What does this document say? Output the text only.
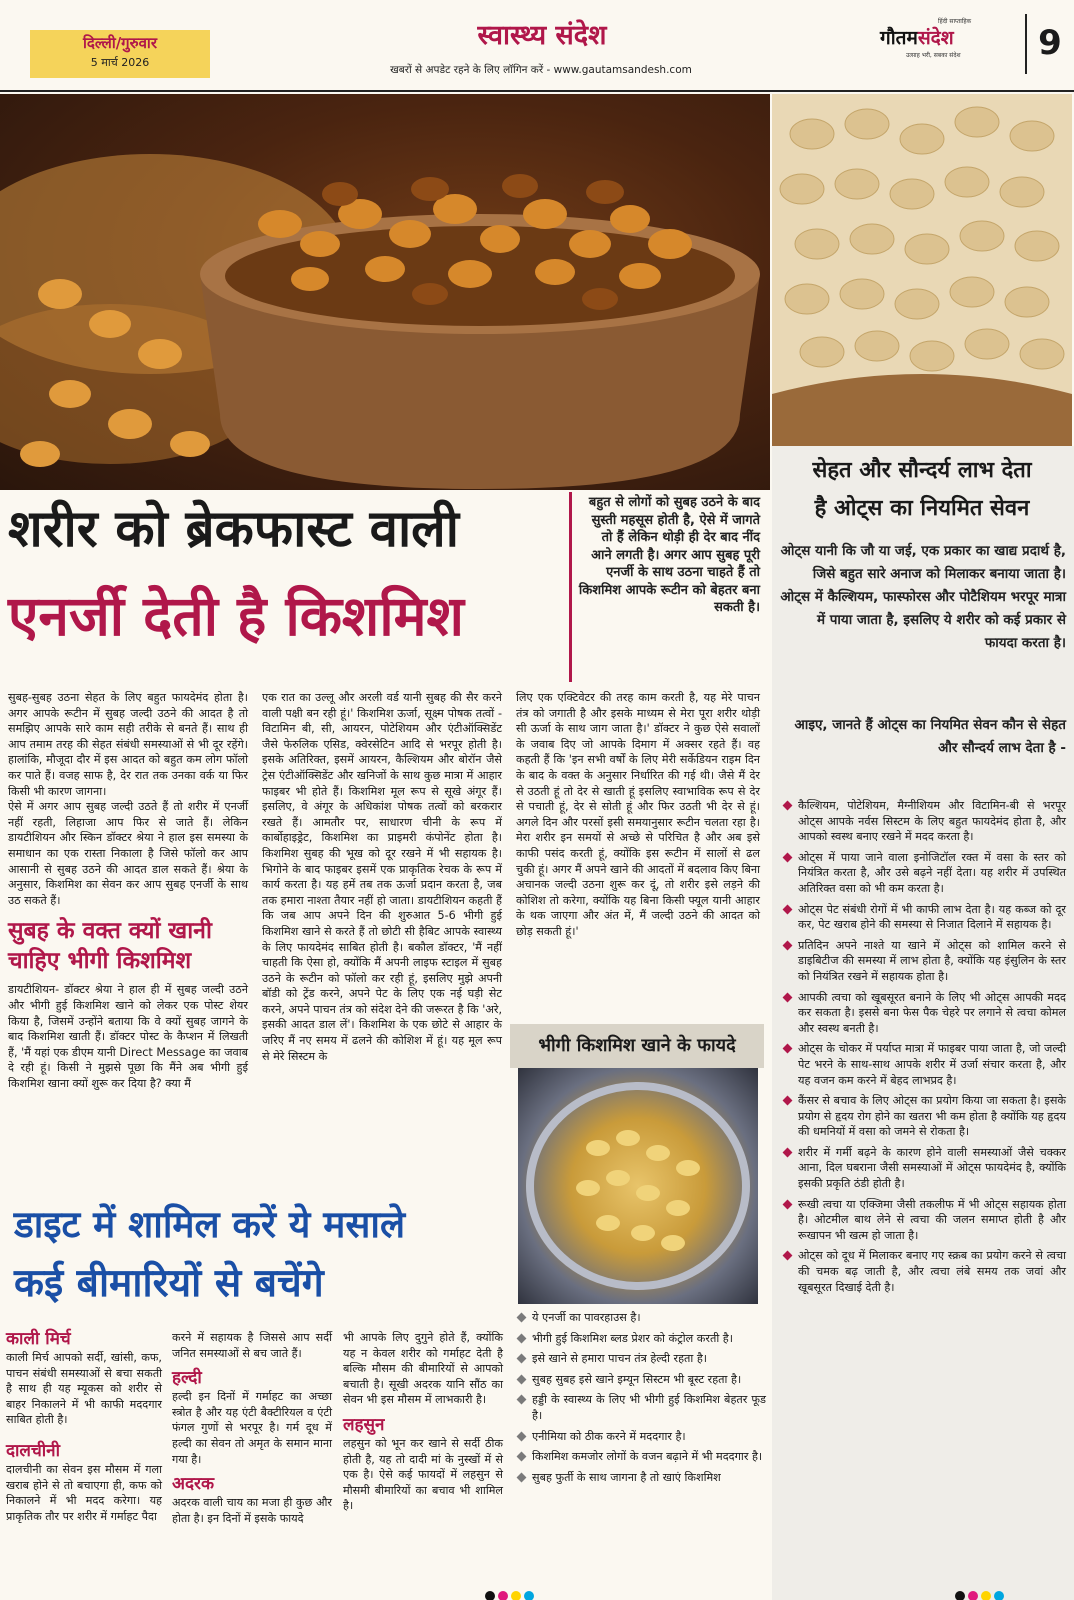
दिल्ली/गुरुवार
5 मार्च 2026
स्वास्थ्य संदेश
खबरों से अपडेट रहने के लिए लॉगिन करें - www.gautamsandesh.com
हिंदी साप्ताहिक
गौतमसंदेश
उत्साह भरी, सबका संदेश	9
शरीर को ब्रेकफास्ट वाली
एनर्जी देती है किशमिश
बहुत से लोगों को सुबह उठने के बाद सुस्ती महसूस होती है, ऐसे में जागते तो हैं लेकिन थोड़ी ही देर बाद नींद आने लगती है। अगर आप सुबह पूरी एनर्जी के साथ उठना चाहते हैं तो किशमिश आपके रूटीन को बेहतर बना सकती है।

सुबह-सुबह उठना सेहत के लिए बहुत फायदेमंद होता है। अगर आपके रूटीन में सुबह जल्दी उठने की आदत है तो समझिए आपके सारे काम सही तरीके से बनते हैं। साथ ही आप तमाम तरह की सेहत संबंधी समस्याओं से भी दूर रहेंगे। हालांकि, मौजूदा दौर में इस आदत को बहुत कम लोग फॉलो कर पाते हैं। वजह साफ है, देर रात तक उनका वर्क या फिर किसी भी कारण जागना।

ऐसे में अगर आप सुबह जल्दी उठते हैं तो शरीर में एनर्जी नहीं रहती, लिहाजा आप फिर से जाते हैं। लेकिन डायटीशियन और स्किन डॉक्टर श्रेया ने हाल इस समस्या के समाधान का एक रास्ता निकाला है जिसे फॉलो कर आप आसानी से सुबह उठने की आदत डाल सकते हैं। श्रेया के अनुसार, किशमिश का सेवन कर आप सुबह एनर्जी के साथ उठ सकते हैं।

सुबह के वक्त क्यों खानी चाहिए भीगी किशमिश

डायटीशियन- डॉक्टर श्रेया ने हाल ही में सुबह जल्दी उठने और भीगी हुई किशमिश खाने को लेकर एक पोस्ट शेयर किया है, जिसमें उन्होंने बताया कि वे क्यों सुबह जागने के बाद किशमिश खाती हैं। डॉक्टर पोस्ट के कैप्शन में लिखती हैं, 'मैं यहां एक डीएम यानी Direct Message का जवाब दे रही हूं। किसी ने मुझसे पूछा कि मैंने अब भीगी हुई किशमिश खाना क्यों शुरू कर दिया है? क्या मैं

एक रात का उल्लू और अरली वर्ड यानी सुबह की सैर करने वाली पक्षी बन रही हूं।' किशमिश ऊर्जा, सूक्ष्म पोषक तत्वों - विटामिन बी, सी, आयरन, पोटेशियम और एंटीऑक्सिडेंट जैसे फेरुलिक एसिड, क्वेरसेटिन आदि से भरपूर होती है। इसके अतिरिक्त, इसमें आयरन, कैल्शियम और बोरॉन जैसे ट्रेस एंटीऑक्सिडेंट और खनिजों के साथ कुछ मात्रा में आहार फाइबर भी होते हैं। किशमिश मूल रूप से सूखे अंगूर हैं। इसलिए, वे अंगूर के अधिकांश पोषक तत्वों को बरकरार रखते हैं। आमतौर पर, साधारण चीनी के रूप में कार्बोहाइड्रेट, किशमिश का प्राइमरी कंपोनेंट होता है। किशमिश सुबह की भूख को दूर रखने में भी सहायक है। भिगोने के बाद फाइबर इसमें एक प्राकृतिक रेचक के रूप में कार्य करता है। यह हमें तब तक ऊर्जा प्रदान करता है, जब तक हमारा नाश्ता तैयार नहीं हो जाता। डायटीशियन कहती हैं कि जब आप अपने दिन की शुरुआत 5-6 भीगी हुई किशमिश खाने से करते हैं तो छोटी सी हैबिट आपके स्वास्थ्य के लिए फायदेमंद साबित होती है। बकौल डॉक्टर, 'मैं नहीं चाहती कि ऐसा हो, क्योंकि मैं अपनी लाइफ स्टाइल में सुबह उठने के रूटीन को फॉलो कर रही हूं, इसलिए मुझे अपनी बॉडी को ट्रेंड करने, अपने पेट के लिए एक नई घड़ी सेट करने, अपने पाचन तंत्र को संदेश देने की जरूरत है कि 'अरे, इसकी आदत डाल लें'। किशमिश के एक छोटे से आहार के जरिए मैं नए समय में ढलने की कोशिश में हूं। यह मूल रूप से मेरे सिस्टम के

लिए एक एक्टिवेटर की तरह काम करती है, यह मेरे पाचन तंत्र को जगाती है और इसके माध्यम से मेरा पूरा शरीर थोड़ी सी ऊर्जा के साथ जाग जाता है।' डॉक्टर ने कुछ ऐसे सवालों के जवाब दिए जो आपके दिमाग में अक्सर रहते हैं। वह कहती हैं कि 'इन सभी वर्षों के लिए मेरी सर्केडियन राइम दिन के बाद के वक्त के अनुसार निर्धारित की गई थी। जैसे मैं देर से उठती हूं तो देर से खाती हूं इसलिए स्वाभाविक रूप से देर से पचाती हूं, देर से सोती हूं और फिर उठती भी देर से हूं। अगले दिन और परसों इसी समयानुसार रूटीन चलता रहा है। मेरा शरीर इन समयों से अच्छे से परिचित है और अब इसे काफी पसंद करती हूं, क्योंकि इस रूटीन में सालों से ढल चुकी हूं। अगर मैं अपने खाने की आदतों में बदलाव किए बिना अचानक जल्दी उठना शुरू कर दूं, तो शरीर इसे लड़ने की कोशिश तो करेगा, क्योंकि यह बिना किसी फ्यूल यानी आहार के थक जाएगा और अंत में, मैं जल्दी उठने की आदत को छोड़ सकती हूं।'

भीगी किशमिश खाने के फायदे
ये एनर्जी का पावरहाउस है।
भीगी हुई किशमिश ब्लड प्रेशर को कंट्रोल करती है।
इसे खाने से हमारा पाचन तंत्र हेल्दी रहता है।
सुबह सुबह इसे खाने इम्यून सिस्टम भी बूस्ट रहता है।
हड्डी के स्वास्थ्य के लिए भी भीगी हुई किशमिश बेहतर फूड है।
एनीमिया को ठीक करने में मददगार है।
किशमिश कमजोर लोगों के वजन बढ़ाने में भी मददगार है।
सुबह फुर्ती के साथ जागना है तो खाएं किशमिश
डाइट में शामिल करें ये मसाले
कई बीमारियों से बचेंगे
काली मिर्च

काली मिर्च आपको सर्दी, खांसी, कफ, पाचन संबंधी समस्याओं से बचा सकती है साथ ही यह म्यूकस को शरीर से बाहर निकालने में भी काफी मददगार साबित होती है।

दालचीनी

दालचीनी का सेवन इस मौसम में गला खराब होने से तो बचाएगा ही, कफ को निकालने में भी मदद करेगा। यह प्राकृतिक तौर पर शरीर में गर्माहट पैदा

करने में सहायक है जिससे आप सर्दी जनित समस्याओं से बच जाते हैं।

हल्दी

हल्दी इन दिनों में गर्माहट का अच्छा स्त्रोत है और यह एंटी बैक्टीरियल व एंटी फंगल गुणों से भरपूर है। गर्म दूध में हल्दी का सेवन तो अमृत के समान माना गया है।

अदरक

अदरक वाली चाय का मजा ही कुछ और होता है। इन दिनों में इसके फायदे

भी आपके लिए दुगुने होते हैं, क्योंकि यह न केवल शरीर को गर्माहट देती है बल्कि मौसम की बीमारियों से आपको बचाती है। सूखी अदरक यानि सौंठ का सेवन भी इस मौसम में लाभकारी है।

लहसुन

लहसुन को भून कर खाने से सर्दी ठीक होती है, यह तो दादी मां के नुस्खों में से एक है। ऐसे कई फायदों में लहसुन से मौसमी बीमारियों का बचाव भी शामिल है।

सेहत और सौन्दर्य लाभ देता
है ओट्स का नियमित सेवन
ओट्स यानी कि जौ या जई, एक प्रकार का खाद्य प्रदार्थ है, जिसे बहुत सारे अनाज को मिलाकर बनाया जाता है। ओट्स में कैल्शियम, फास्फोरस और पोटैशियम भरपूर मात्रा में पाया जाता है, इसलिए ये शरीर को कई प्रकार से फायदा करता है।
आइए, जानते हैं ओट्स का नियमित सेवन कौन से सेहत और सौन्दर्य लाभ देता है -
कैल्शियम, पोटेशियम, मैग्नीशियम और विटामिन-बी से भरपूर ओट्स आपके नर्वस सिस्टम के लिए बहुत फायदेमंद होता है, और आपको स्वस्थ बनाए रखने में मदद करता है।
ओट्स में पाया जाने वाला इनोजिटॉल रक्त में वसा के स्तर को नियंत्रित करता है, और उसे बढ़ने नहीं देता। यह शरीर में उपस्थित अतिरिक्त वसा को भी कम करता है।
ओट्स पेट संबंधी रोगों में भी काफी लाभ देता है। यह कब्ज को दूर कर, पेट खराब होने की समस्या से निजात दिलाने में सहायक है।
प्रतिदिन अपने नाश्ते या खाने में ओट्स को शामिल करने से डाइबिटीज की समस्या में लाभ होता है, क्योंकि यह इंसुलिन के स्तर को नियंत्रित रखने में सहायक होता है।
आपकी त्वचा को खूबसूरत बनाने के लिए भी ओट्स आपकी मदद कर सकता है। इससे बना फेस पैक चेहरे पर लगाने से त्वचा कोमल और स्वस्थ बनती है।
ओट्स के चोकर में पर्याप्त मात्रा में फाइबर पाया जाता है, जो जल्दी पेट भरने के साथ-साथ आपके शरीर में उर्जा संचार करता है, और यह वजन कम करने में बेहद लाभप्रद है।
कैंसर से बचाव के लिए ओट्स का प्रयोग किया जा सकता है। इसके प्रयोग से हृदय रोग होने का खतरा भी कम होता है क्योंकि यह हृदय की धमनियों में वसा को जमने से रोकता है।
शरीर में गर्मी बढ़ने के कारण होने वाली समस्याओं जैसे चक्कर आना, दिल घबराना जैसी समस्याओं में ओट्स फायदेमंद है, क्योंकि इसकी प्रकृति ठंडी होती है।
रूखी त्वचा या एक्जिमा जैसी तकलीफ में भी ओट्स सहायक होता है। ओटमील बाथ लेने से त्वचा की जलन समाप्त होती है और रूखापन भी खत्म हो जाता है।
ओट्स को दूध में मिलाकर बनाए गए स्क्रब का प्रयोग करने से त्वचा की चमक बढ़ जाती है, और त्वचा लंबे समय तक जवां और खूबसूरत दिखाई देती है।
